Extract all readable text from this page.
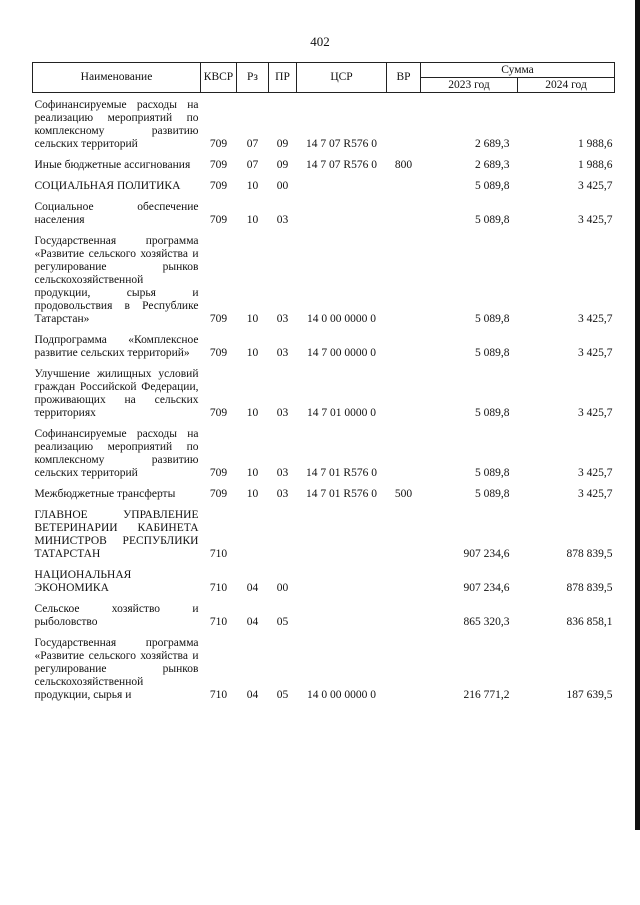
402
Наименование	КВСР	Рз	ПР	ЦСР	ВР	Сумма	
						2023 год	2024 год
Софинансируемые расходы на реализацию мероприятий по комплексному развитию сельских территорий	709	07	09	14 7 07 R576 0		2 689,3	1 988,6
Иные бюджетные ассигнования	709	07	09	14 7 07 R576 0	800	2 689,3	1 988,6
СОЦИАЛЬНАЯ ПОЛИТИКА	709	10	00			5 089,8	3 425,7
Социальное обеспечение населения	709	10	03			5 089,8	3 425,7
Государственная программа «Развитие сельского хозяйства и регулирование рынков сельскохозяйственной продукции, сырья и продовольствия в Республике Татарстан»	709	10	03	14 0 00 0000 0		5 089,8	3 425,7
Подпрограмма «Комплексное развитие сельских территорий»	709	10	03	14 7 00 0000 0		5 089,8	3 425,7
Улучшение жилищных условий граждан Российской Федерации, проживающих на сельских территориях	709	10	03	14 7 01 0000 0		5 089,8	3 425,7
Софинансируемые расходы на реализацию мероприятий по комплексному развитию сельских территорий	709	10	03	14 7 01 R576 0		5 089,8	3 425,7
Межбюджетные трансферты	709	10	03	14 7 01 R576 0	500	5 089,8	3 425,7
ГЛАВНОЕ УПРАВЛЕНИЕ ВЕТЕРИНАРИИ КАБИНЕТА МИНИСТРОВ РЕСПУБЛИКИ ТАТАРСТАН	710					907 234,6	878 839,5
НАЦИОНАЛЬНАЯ ЭКОНОМИКА	710	04	00			907 234,6	878 839,5
Сельское хозяйство и рыболовство	710	04	05			865 320,3	836 858,1
Государственная программа «Развитие сельского хозяйства и регулирование рынков сельскохозяйственной продукции, сырья и	710	04	05	14 0 00 0000 0		216 771,2	187 639,5
